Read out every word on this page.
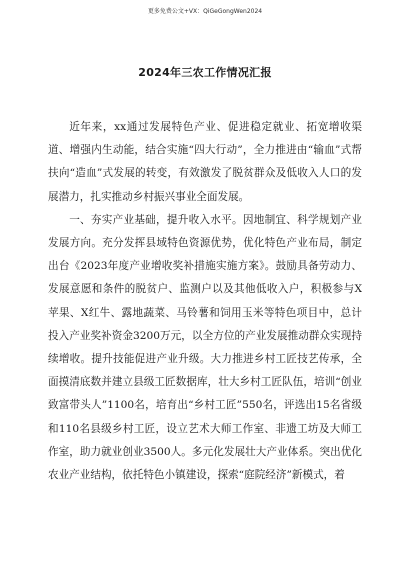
更多免费公文+VX：QiGeGongWen2024
2024年三农工作情况汇报

近年来，xx通过发展特色产业、促进稳定就业、拓宽增收渠道、增强内生动能，结合实施“四大行动”，全力推进由“输血”式帮扶向“造血”式发展的转变，有效激发了脱贫群众及低收入人口的发展潜力，扎实推动乡村振兴事业全面发展。

一、夯实产业基础，提升收入水平。因地制宜、科学规划产业发展方向。充分发挥县域特色资源优势，优化特色产业布局，制定出台《2023年度产业增收奖补措施实施方案》。鼓励具备劳动力、发展意愿和条件的脱贫户、监测户以及其他低收入户，积极参与X苹果、X红牛、露地蔬菜、马铃薯和饲用玉米等特色项目中，总计投入产业奖补资金3200万元，以全方位的产业发展推动群众实现持续增收。提升技能促进产业升级。大力推进乡村工匠技艺传承，全面摸清底数并建立县级工匠数据库，壮大乡村工匠队伍，培训“创业致富带头人”1100名，培育出“乡村工匠”550名，评选出15名省级和110名县级乡村工匠，设立艺术大师工作室、非遗工坊及大师工作室，助力就业创业3500人。多元化发展壮大产业体系。突出优化农业产业结构，依托特色小镇建设，探索“庭院经济”新模式，着
